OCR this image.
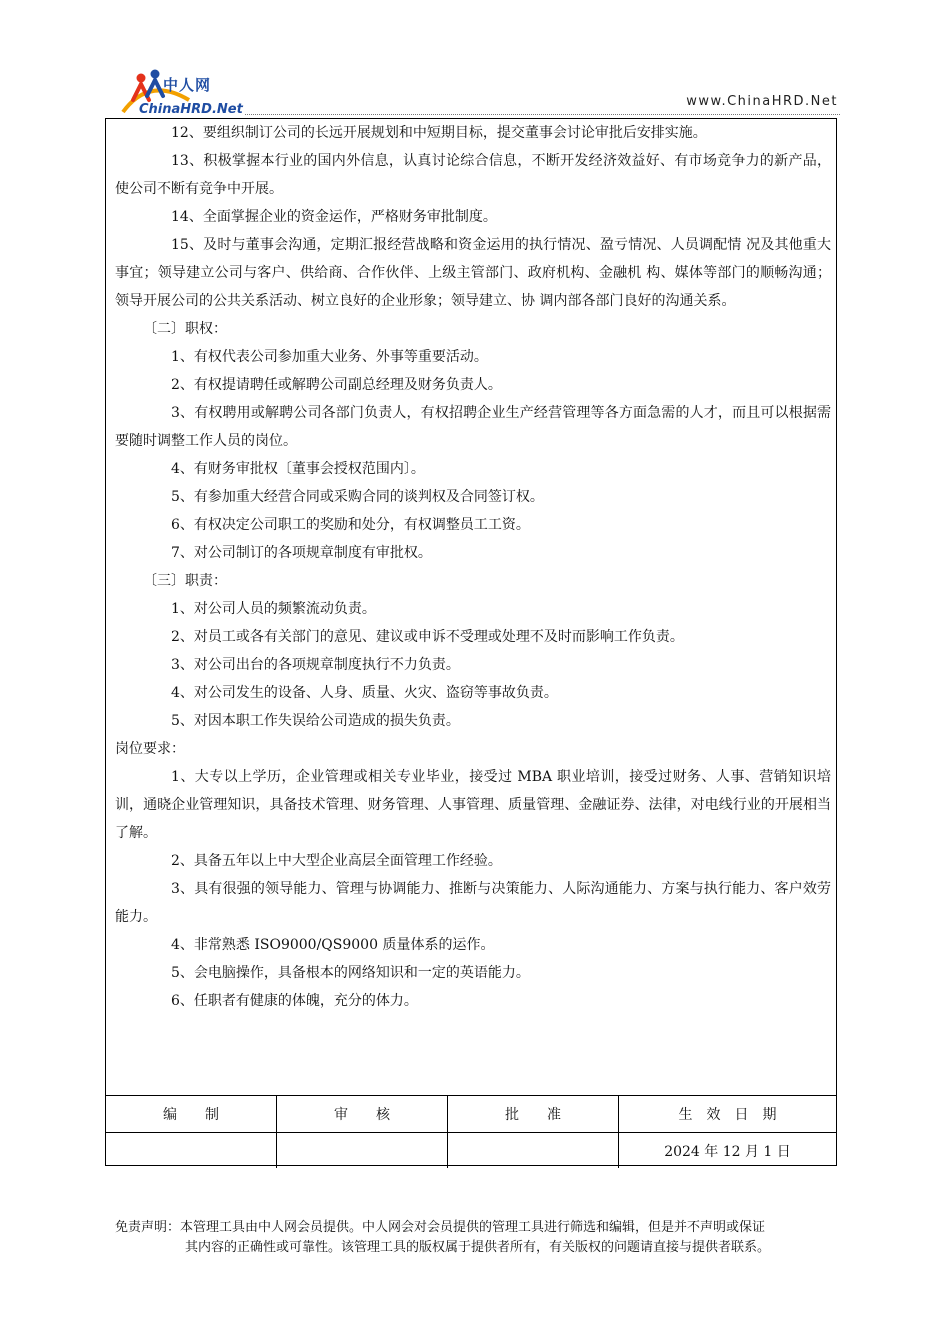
中人网
ChinaHRD.Net
www.ChinaHRD.Net

12、要组织制订公司的长远开展规划和中短期目标，提交董事会讨论审批后安排实施。

13、积极掌握本行业的国内外信息，认真讨论综合信息，不断开发经济效益好、有市场竞争力的新产品，使公司不断有竞争中开展。

14、全面掌握企业的资金运作，严格财务审批制度。

15、及时与董事会沟通，定期汇报经营战略和资金运用的执行情况、盈亏情况、人员调配情 况及其他重大事宜；领导建立公司与客户、供给商、合作伙伴、上级主管部门、政府机构、金融机 构、媒体等部门的顺畅沟通；领导开展公司的公共关系活动、树立良好的企业形象；领导建立、协 调内部各部门良好的沟通关系。

〔二〕职权：

1、有权代表公司参加重大业务、外事等重要活动。

2、有权提请聘任或解聘公司副总经理及财务负责人。

3、有权聘用或解聘公司各部门负责人，有权招聘企业生产经营管理等各方面急需的人才，而且可以根据需要随时调整工作人员的岗位。

4、有财务审批权〔董事会授权范围内〕。

5、有参加重大经营合同或采购合同的谈判权及合同签订权。

6、有权决定公司职工的奖励和处分，有权调整员工工资。

7、对公司制订的各项规章制度有审批权。

〔三〕职责：

1、对公司人员的频繁流动负责。

2、对员工或各有关部门的意见、建议或申诉不受理或处理不及时而影响工作负责。

3、对公司出台的各项规章制度执行不力负责。

4、对公司发生的设备、人身、质量、火灾、盗窃等事故负责。

5、对因本职工作失误给公司造成的损失负责。

岗位要求：

1、大专以上学历，企业管理或相关专业毕业，接受过 MBA 职业培训，接受过财务、人事、营销知识培训，通晓企业管理知识，具备技术管理、财务管理、人事管理、质量管理、金融证券、法律，对电线行业的开展相当了解。

2、具备五年以上中大型企业高层全面管理工作经验。

3、具有很强的领导能力、管理与协调能力、推断与决策能力、人际沟通能力、方案与执行能力、客户效劳能力。

4、非常熟悉 ISO9000/QS9000 质量体系的运作。

5、会电脑操作，具备根本的网络知识和一定的英语能力。

6、任职者有健康的体魄，充分的体力。

编　　制	审　　核	批　　准	生　效　日　期
			2024 年 12 月 1 日
免责声明：本管理工具由中人网会员提供。中人网会对会员提供的管理工具进行筛选和编辑，但是并不声明或保证
其内容的正确性或可靠性。该管理工具的版权属于提供者所有，有关版权的问题请直接与提供者联系。
